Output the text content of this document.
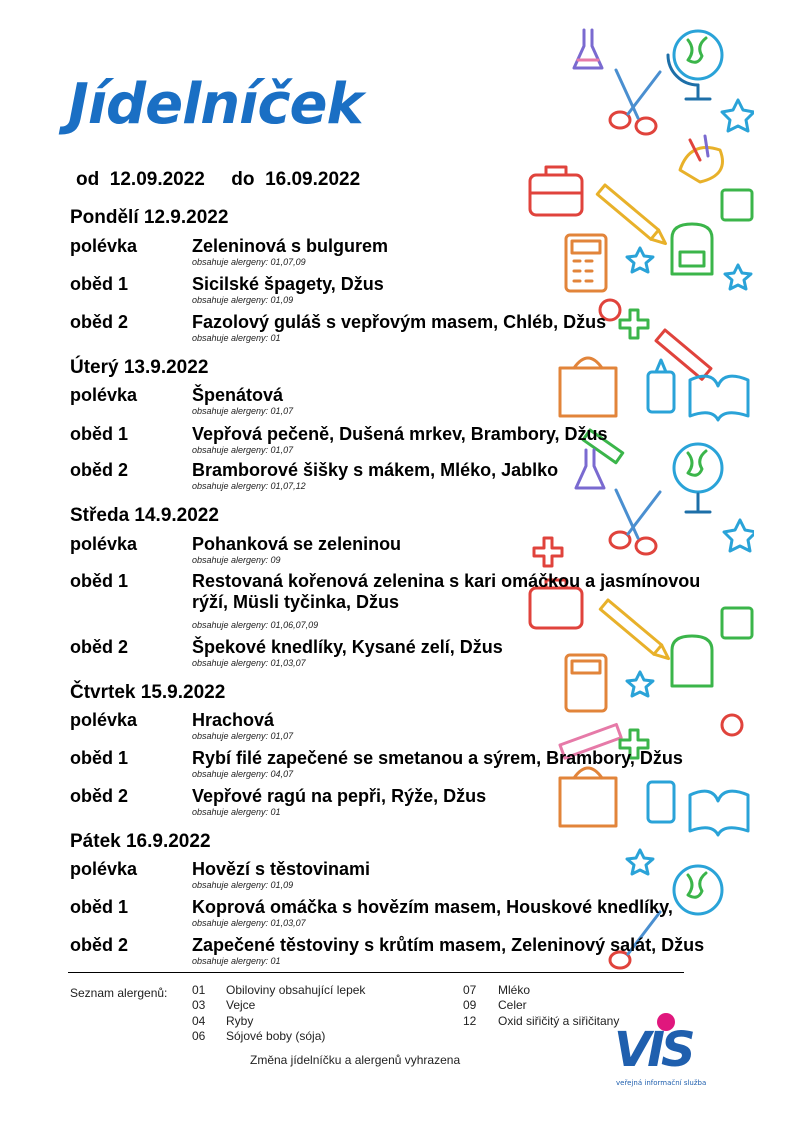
Jídelníček
od 12.09.2022 do 16.09.2022
Pondělí 12.9.2022
polévka	Zeleninová s bulgurem
obsahuje alergeny: 01,07,09
oběd 1	Sicilské špagety, Džus
obsahuje alergeny: 01,09
oběd 2	Fazolový guláš s vepřovým masem, Chléb, Džus
obsahuje alergeny: 01
Úterý 13.9.2022
polévka	Špenátová
obsahuje alergeny: 01,07
oběd 1	Vepřová pečeně, Dušená mrkev, Brambory, Džus
obsahuje alergeny: 01,07
oběd 2	Bramborové šišky s mákem, Mléko, Jablko
obsahuje alergeny: 01,07,12
Středa 14.9.2022
polévka	Pohanková se zeleninou
obsahuje alergeny: 09
oběd 1	Restovaná kořenová zelenina s kari omáčkou a jasmínovou
rýží, Müsli tyčinka, Džus
obsahuje alergeny: 01,06,07,09
oběd 2	Špekové knedlíky, Kysané zelí, Džus
obsahuje alergeny: 01,03,07
Čtvrtek 15.9.2022
polévka	Hrachová
obsahuje alergeny: 01,07
oběd 1	Rybí filé zapečené se smetanou a sýrem, Brambory, Džus
obsahuje alergeny: 04,07
oběd 2	Vepřové ragú na pepři, Rýže, Džus
obsahuje alergeny: 01
Pátek 16.9.2022
polévka	Hovězí s těstovinami
obsahuje alergeny: 01,09
oběd 1	Koprová omáčka s hovězím masem, Houskové knedlíky,
obsahuje alergeny: 01,03,07
oběd 2	Zapečené těstoviny s krůtím masem, Zeleninový salát, Džus
obsahuje alergeny: 01
Seznam alergenů: 01 Obiloviny obsahující lepek
03 Vejce
04 Ryby
06 Sójové boby (sója)
07 Mléko
09 Celer
12 Oxid siřičitý a siřičitany
Změna jídelníčku a alergenů vyhrazena	VIS
veřejná informační služba
